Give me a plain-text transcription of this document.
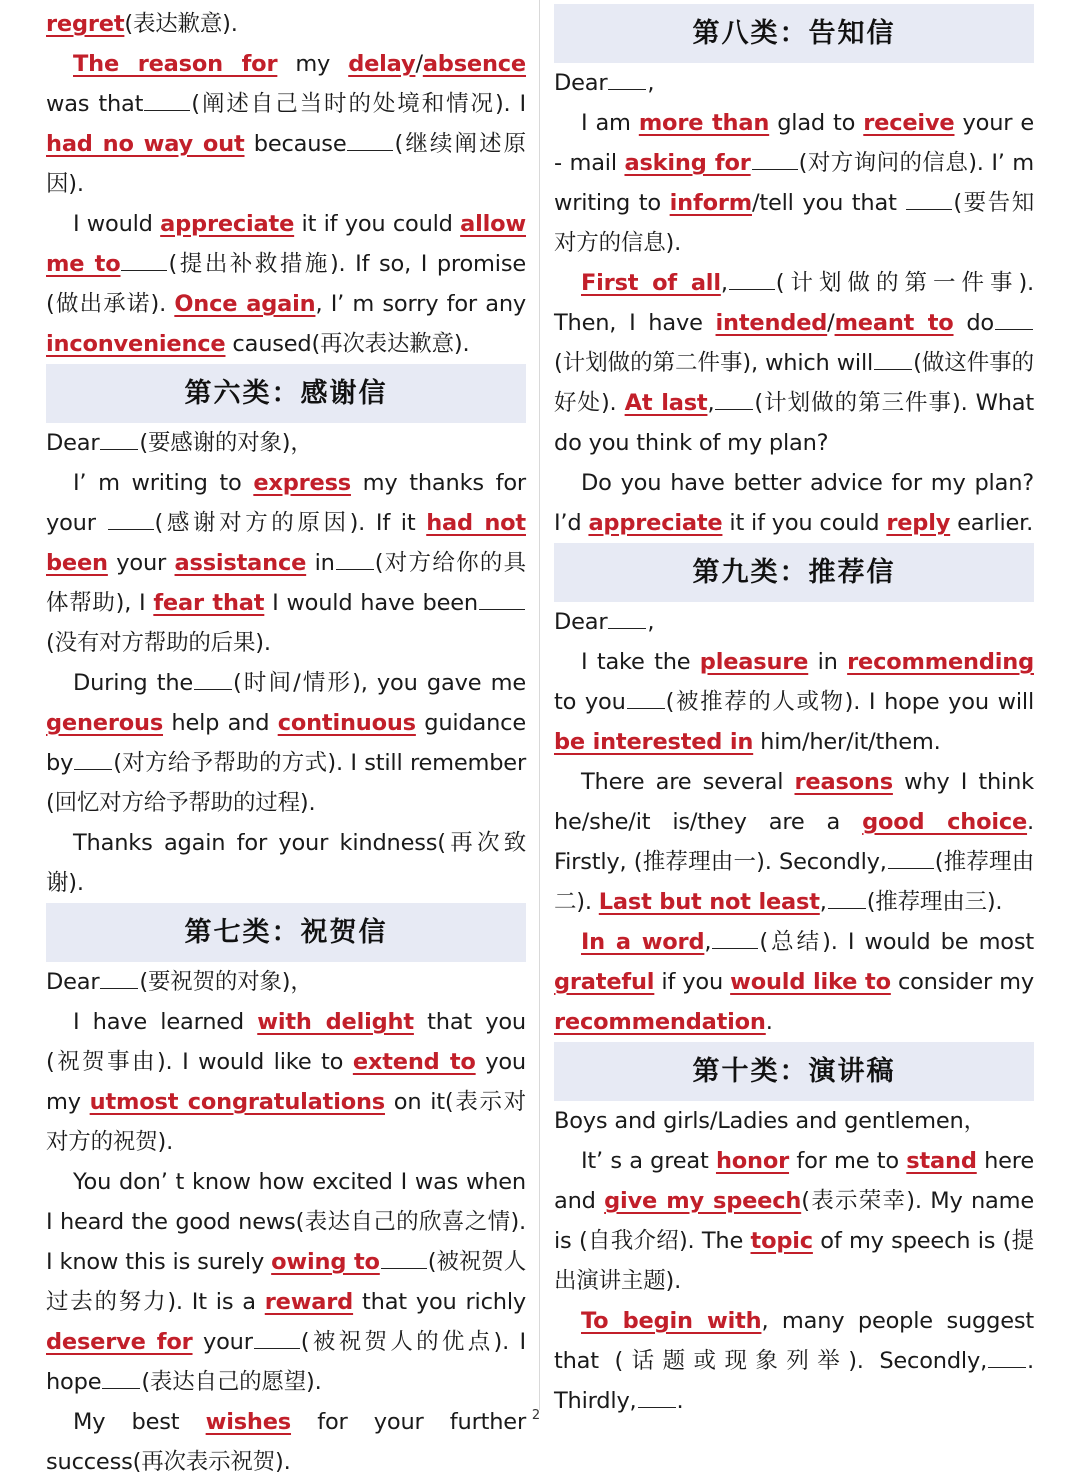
regret(表达歉意).

The reason for my delay/absence was that (阐述自己当时的处境和情况). I had no way out because (继续阐述原因).

I would appreciate it if you could allow me to (提出补救措施). If so, I promise (做出承诺). Once again, I’ m sorry for any inconvenience caused(再次表达歉意).

第六类：感谢信

Dear (要感谢的对象)，

I’ m writing to express my thanks for your (感谢对方的原因). If it had not been your assistance in (对方给你的具体帮助), I fear that I would have been(没有对方帮助的后果).

During the (时间/情形), you gave me generous help and continuous guidance by (对方给予帮助的方式). I still remember (回忆对方给予帮助的过程).

Thanks again for your kindness(再次致谢).

第七类：祝贺信

Dear (要祝贺的对象)，

I have learned with delight that you (祝贺事由). I would like to extend to you my utmost congratulations on it(表示对对方的祝贺).

You don’ t know how excited I was when I heard the good news(表达自己的欣喜之情). I know this is surely owing to (被祝贺人过去的努力). It is a reward that you richly deserve for your (被祝贺人的优点). I hope (表达自己的愿望).

My best wishes for your further success(再次表示祝贺).

第八类：告知信

Dear ,

I am more than glad to receive your e - mail asking for (对方询问的信息). I’ m writing to inform/tell you that (要告知对方的信息).

First of all, (计划做的第一件事). Then, I have intended/meant to do(计划做的第二件事), which will (做这件事的好处). At last, (计划做的第三件事). What do you think of my plan?

Do you have better advice for my plan? I’d appreciate it if you could reply earlier.

第九类：推荐信

Dear ,

I take the pleasure in recommending to you (被推荐的人或物). I hope you will be interested in him/her/it/them.

There are several reasons why I think he/she/it is/they are a good choice. Firstly, (推荐理由一). Secondly, (推荐理由二). Last but not least, (推荐理由三).

In a word, (总结). I would be most grateful if you would like to consider my recommendation.

第十类：演讲稿

Boys and girls/Ladies and gentlemen，

It’ s a great honor for me to stand here and give my speech(表示荣幸). My name is (自我介绍). The topic of my speech is (提出演讲主题).

To begin with, many people suggest that (话题或现象列举). Secondly, . Thirdly, .

2
